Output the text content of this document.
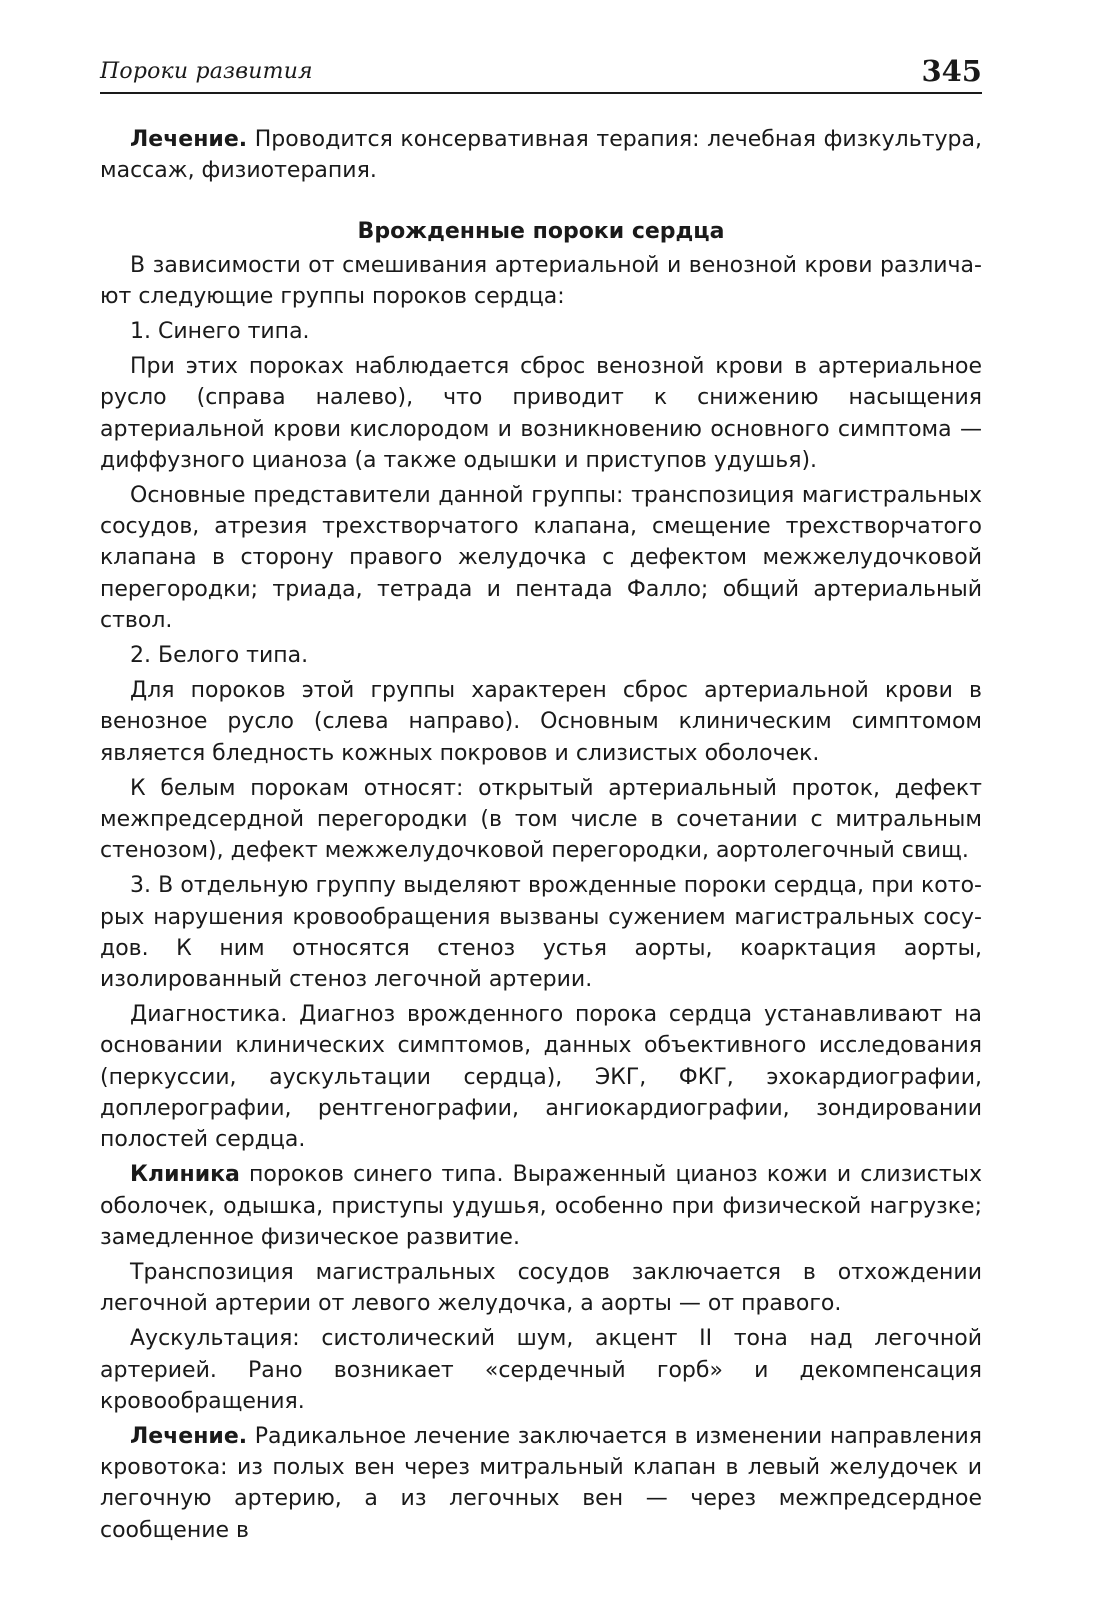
Пороки развития	345

Лечение. Проводится консервативная терапия: лечебная физкультура, массаж, физиотерапия.

Врожденные пороки сердца

В зависимости от смешивания артериальной и венозной крови различают следующие группы пороков сердца:

1. Синего типа.

При этих пороках наблюдается сброс венозной крови в артериальное русло (справа налево), что приводит к снижению насыщения артериальной крови кислородом и возникновению основного симптома — диффузного цианоза (а также одышки и приступов удушья).

Основные представители данной группы: транспозиция магистральных сосудов, атрезия трехстворчатого клапана, смещение трехстворчатого клапана в сторону правого желудочка с дефектом межжелудочковой перегородки; триада, тетрада и пентада Фалло; общий артериальный ствол.

2. Белого типа.

Для пороков этой группы характерен сброс артериальной крови в венозное русло (слева направо). Основным клиническим симптомом является бледность кожных покровов и слизистых оболочек.

К белым порокам относят: открытый артериальный проток, дефект межпредсердной перегородки (в том числе в сочетании с митральным стенозом), дефект межжелудочковой перегородки, аортолегочный свищ.

3. В отдельную группу выделяют врожденные пороки сердца, при которых нарушения кровообращения вызваны сужением магистральных сосудов. К ним относятся стеноз устья аорты, коарктация аорты, изолированный стеноз легочной артерии.

Диагностика. Диагноз врожденного порока сердца устанавливают на основании клинических симптомов, данных объективного исследования (перкуссии, аускультации сердца), ЭКГ, ФКГ, эхокардиографии, доплерографии, рентгенографии, ангиокардиографии, зондировании полостей сердца.

Клиника пороков синего типа. Выраженный цианоз кожи и слизистых оболочек, одышка, приступы удушья, особенно при физической нагрузке; замедленное физическое развитие.

Транспозиция магистральных сосудов заключается в отхождении легочной артерии от левого желудочка, а аорты — от правого.

Аускультация: систолический шум, акцент II тона над легочной артерией. Рано возникает «сердечный горб» и декомпенсация кровообращения.

Лечение. Радикальное лечение заключается в изменении направления кровотока: из полых вен через митральный клапан в левый желудочек и легочную артерию, а из легочных вен — через межпредсердное сообщение в
